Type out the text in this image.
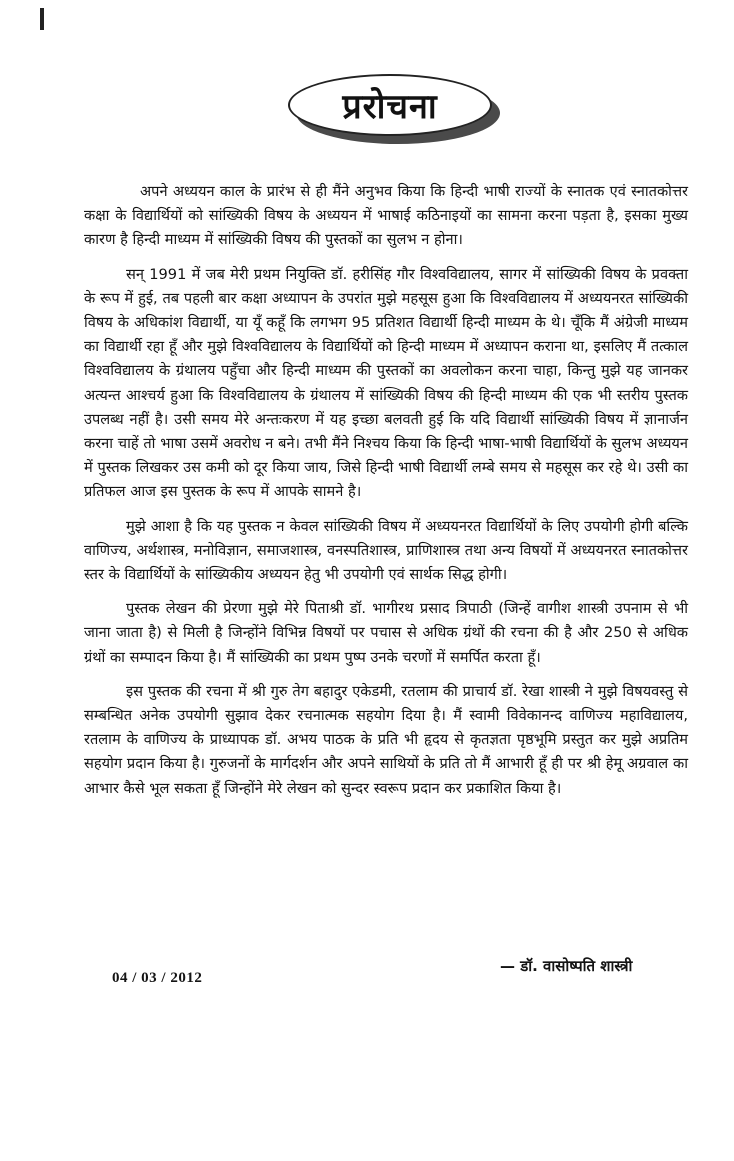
प्ररोचना

अपने अध्ययन काल के प्रारंभ से ही मैंने अनुभव किया कि हिन्दी भाषी राज्यों के स्नातक एवं स्नातकोत्तर कक्षा के विद्यार्थियों को सांख्यिकी विषय के अध्ययन में भाषाई कठिनाइयों का सामना करना पड़ता है, इसका मुख्य कारण है हिन्दी माध्यम में सांख्यिकी विषय की पुस्तकों का सुलभ न होना।

सन् 1991 में जब मेरी प्रथम नियुक्ति डॉ. हरीसिंह गौर विश्वविद्यालय, सागर में सांख्यिकी विषय के प्रवक्ता के रूप में हुई, तब पहली बार कक्षा अध्यापन के उपरांत मुझे महसूस हुआ कि विश्वविद्यालय में अध्ययनरत सांख्यिकी विषय के अधिकांश विद्यार्थी, या यूँ कहूँ कि लगभग 95 प्रतिशत विद्यार्थी हिन्दी माध्यम के थे। चूँकि मैं अंग्रेजी माध्यम का विद्यार्थी रहा हूँ और मुझे विश्वविद्यालय के विद्यार्थियों को हिन्दी माध्यम में अध्यापन कराना था, इसलिए मैं तत्काल विश्वविद्यालय के ग्रंथालय पहुँचा और हिन्दी माध्यम की पुस्तकों का अवलोकन करना चाहा, किन्तु मुझे यह जानकर अत्यन्त आश्चर्य हुआ कि विश्वविद्यालय के ग्रंथालय में सांख्यिकी विषय की हिन्दी माध्यम की एक भी स्तरीय पुस्तक उपलब्ध नहीं है। उसी समय मेरे अन्तःकरण में यह इच्छा बलवती हुई कि यदि विद्यार्थी सांख्यिकी विषय में ज्ञानार्जन करना चाहें तो भाषा उसमें अवरोध न बने। तभी मैंने निश्चय किया कि हिन्दी भाषा-भाषी विद्यार्थियों के सुलभ अध्ययन में पुस्तक लिखकर उस कमी को दूर किया जाय, जिसे हिन्दी भाषी विद्यार्थी लम्बे समय से महसूस कर रहे थे। उसी का प्रतिफल आज इस पुस्तक के रूप में आपके सामने है।

मुझे आशा है कि यह पुस्तक न केवल सांख्यिकी विषय में अध्ययनरत विद्यार्थियों के लिए उपयोगी होगी बल्कि वाणिज्य, अर्थशास्त्र, मनोविज्ञान, समाजशास्त्र, वनस्पतिशास्त्र, प्राणिशास्त्र तथा अन्य विषयों में अध्ययनरत स्नातकोत्तर स्तर के विद्यार्थियों के सांख्यिकीय अध्ययन हेतु भी उपयोगी एवं सार्थक सिद्ध होगी।

पुस्तक लेखन की प्रेरणा मुझे मेरे पिताश्री डॉ. भागीरथ प्रसाद त्रिपाठी (जिन्हें वागीश शास्त्री उपनाम से भी जाना जाता है) से मिली है जिन्होंने विभिन्न विषयों पर पचास से अधिक ग्रंथों की रचना की है और 250 से अधिक ग्रंथों का सम्पादन किया है। मैं सांख्यिकी का प्रथम पुष्प उनके चरणों में समर्पित करता हूँ।

इस पुस्तक की रचना में श्री गुरु तेग बहादुर एकेडमी, रतलाम की प्राचार्य डॉ. रेखा शास्त्री ने मुझे विषयवस्तु से सम्बन्धित अनेक उपयोगी सुझाव देकर रचनात्मक सहयोग दिया है। मैं स्वामी विवेकानन्द वाणिज्य महाविद्यालय, रतलाम के वाणिज्य के प्राध्यापक डॉ. अभय पाठक के प्रति भी हृदय से कृतज्ञता पृष्ठभूमि प्रस्तुत कर मुझे अप्रतिम सहयोग प्रदान किया है। गुरुजनों के मार्गदर्शन और अपने साथियों के प्रति तो मैं आभारी हूँ ही पर श्री हेमू अग्रवाल का आभार कैसे भूल सकता हूँ जिन्होंने मेरे लेखन को सुन्दर स्वरूप प्रदान कर प्रकाशित किया है।

— डॉ. वासोष्पति शास्त्री
04 / 03 / 2012
